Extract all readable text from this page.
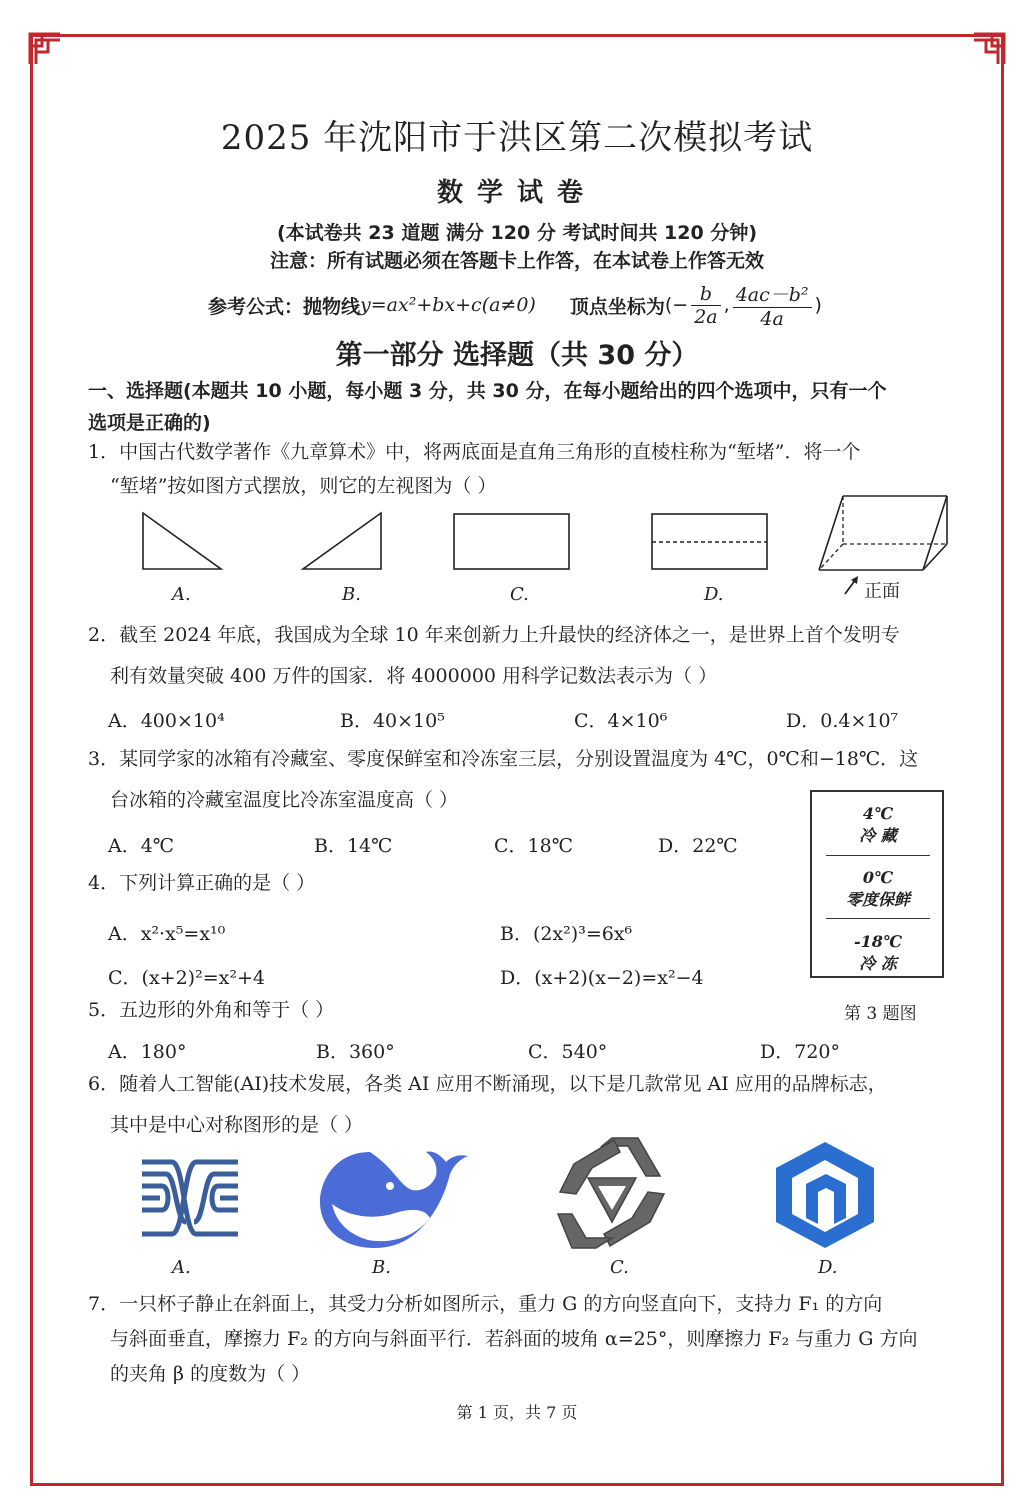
2025 年沈阳市于洪区第二次模拟考试
数学试卷
(本试卷共 23 道题 满分 120 分 考试时间共 120 分钟)
注意：所有试题必须在答题卡上作答，在本试卷上作答无效
参考公式：抛物线 y=ax²+bx+c(a≠0) 顶点坐标为 (− $\frac{b}{2a}$ , $\frac{\text{4ac－b²}}{4a}$ )
第一部分 选择题（共 30 分）
一、选择题(本题共 10 小题，每小题 3 分，共 30 分，在每小题给出的四个选项中，只有一个
选项是正确的)
1．中国古代数学著作《九章算术》中，将两底面是直角三角形的直棱柱称为“堑堵”．将一个
“堑堵”按如图方式摆放，则它的左视图为（ ）
正面
A.	B.	C.	D.
2．截至 2024 年底，我国成为全球 10 年来创新力上升最快的经济体之一，是世界上首个发明专
利有效量突破 400 万件的国家．将 4000000 用科学记数法表示为（ ）
A．400×10⁴	B．40×10⁵	C．4×10⁶	D．0.4×10⁷
3．某同学家的冰箱有冷藏室、零度保鲜室和冷冻室三层，分别设置温度为 4℃，0℃和−18℃．这
台冰箱的冷藏室温度比冷冻室温度高（ ）
A．4℃	B．14℃	C．18℃	D．22℃
4℃
冷 藏
0℃
零度保鲜
-18℃
冷 冻
第 3 题图
4．下列计算正确的是（ ）
A．x²·x⁵=x¹⁰	B．(2x²)³=6x⁶
C．(x+2)²=x²+4	D．(x+2)(x−2)=x²−4
5．五边形的外角和等于（ ）
A．180°	B．360°	C．540°	D．720°
6．随着人工智能(AI)技术发展，各类 AI 应用不断涌现，以下是几款常见 AI 应用的品牌标志，
其中是中心对称图形的是（ ）
A.	B.	C.	D.
7．一只杯子静止在斜面上，其受力分析如图所示，重力 G 的方向竖直向下，支持力 F₁ 的方向
与斜面垂直，摩擦力 F₂ 的方向与斜面平行．若斜面的坡角 α=25°，则摩擦力 F₂ 与重力 G 方向
的夹角 β 的度数为（ ）
第 1 页，共 7 页
